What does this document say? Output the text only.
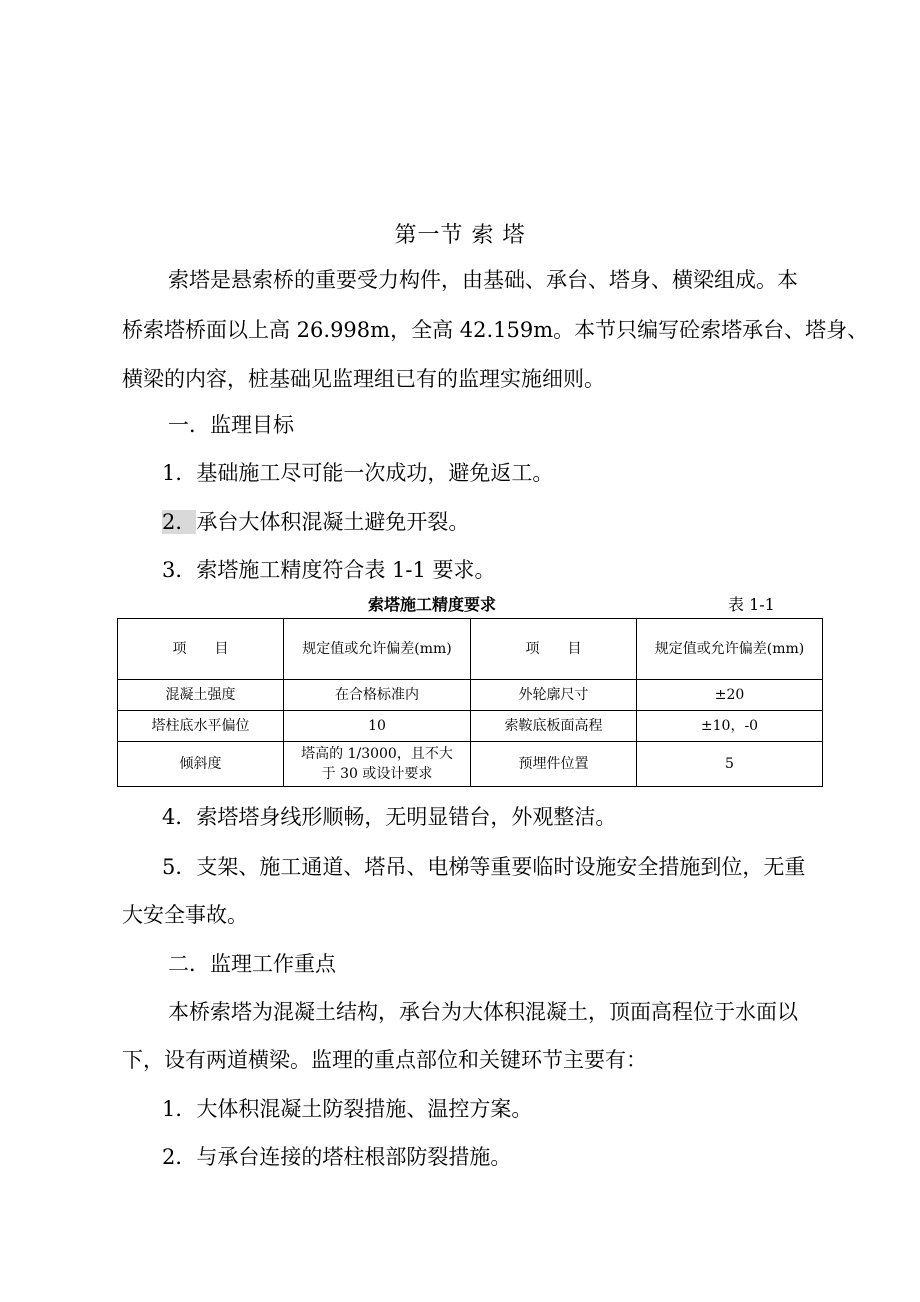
第一节 索 塔
索塔是悬索桥的重要受力构件，由基础、承台、塔身、横梁组成。本
桥索塔桥面以上高 26.998m，全高 42.159m。本节只编写砼索塔承台、塔身、
横梁的内容，桩基础见监理组已有的监理实施细则。
一．监理目标
1．基础施工尽可能一次成功，避免返工。
2．承台大体积混凝土避免开裂。
3．索塔施工精度符合表 1-1 要求。
索塔施工精度要求	表 1-1
项　　目	规定值或允许偏差(mm)	项　　目	规定值或允许偏差(mm)
混凝土强度	在合格标准内	外轮廓尺寸	±20
塔柱底水平偏位	10	索鞍底板面高程	±10，-0
倾斜度	塔高的 1/3000，且不大
于 30 或设计要求	预埋件位置	5
4．索塔塔身线形顺畅，无明显错台，外观整洁。
5．支架、施工通道、塔吊、电梯等重要临时设施安全措施到位，无重
大安全事故。
二．监理工作重点
本桥索塔为混凝土结构，承台为大体积混凝土，顶面高程位于水面以
下，设有两道横梁。监理的重点部位和关键环节主要有：
1．大体积混凝土防裂措施、温控方案。
2．与承台连接的塔柱根部防裂措施。
